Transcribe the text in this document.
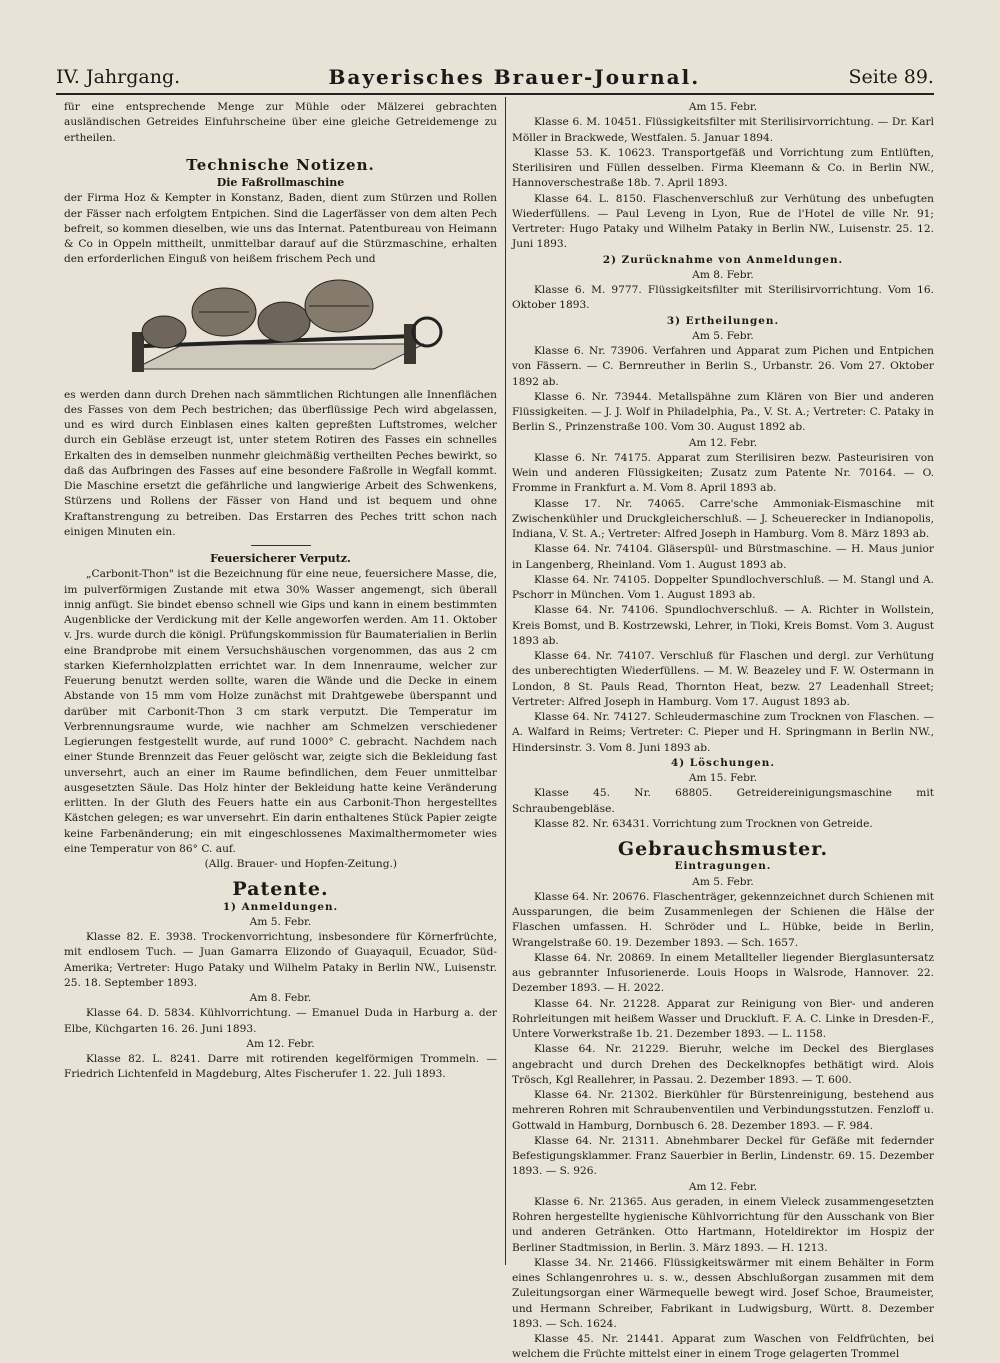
IV. Jahrgang.	Bayerisches Brauer-Journal.	Seite 89.

für eine entsprechende Menge zur Mühle oder Mälzerei gebrachten ausländischen Getreides Einfuhrscheine über eine gleiche Getreidemenge zu ertheilen.

Technische Notizen.
Die Faßrollmaschine

der Firma Hoz & Kempter in Konstanz, Baden, dient zum Stürzen und Rollen der Fässer nach erfolgtem Entpichen. Sind die Lagerfässer von dem alten Pech befreit, so kommen dieselben, wie uns das Internat. Patentbureau von Heimann & Co in Oppeln mittheilt, unmittelbar darauf auf die Stürzmaschine, erhalten den erforderlichen Einguß von heißem frischem Pech und

es werden dann durch Drehen nach sämmtlichen Richtungen alle Innenflächen des Fasses von dem Pech bestrichen; das überflüssige Pech wird abgelassen, und es wird durch Einblasen eines kalten gepreßten Luftstromes, welcher durch ein Gebläse erzeugt ist, unter stetem Rotiren des Fasses ein schnelles Erkalten des in demselben nunmehr gleichmäßig vertheilten Peches bewirkt, so daß das Aufbringen des Fasses auf eine besondere Faßrolle in Wegfall kommt. Die Maschine ersetzt die gefährliche und langwierige Arbeit des Schwenkens, Stürzens und Rollens der Fässer von Hand und ist bequem und ohne Kraftanstrengung zu betreiben. Das Erstarren des Peches tritt schon nach einigen Minuten ein.

Feuersicherer Verputz.

„Carbonit-Thon" ist die Bezeichnung für eine neue, feuersichere Masse, die, im pulverförmigen Zustande mit etwa 30% Wasser angemengt, sich überall innig anfügt. Sie bindet ebenso schnell wie Gips und kann in einem bestimmten Augenblicke der Verdickung mit der Kelle angeworfen werden. Am 11. Oktober v. Jrs. wurde durch die königl. Prüfungskommission für Baumaterialien in Berlin eine Brandprobe mit einem Versuchshäuschen vorgenommen, das aus 2 cm starken Kiefernholzplatten errichtet war. In dem Innenraume, welcher zur Feuerung benutzt werden sollte, waren die Wände und die Decke in einem Abstande von 15 mm vom Holze zunächst mit Drahtgewebe überspannt und darüber mit Carbonit-Thon 3 cm stark verputzt. Die Temperatur im Verbrennungsraume wurde, wie nachher am Schmelzen verschiedener Legierungen festgestellt wurde, auf rund 1000° C. gebracht. Nachdem nach einer Stunde Brennzeit das Feuer gelöscht war, zeigte sich die Bekleidung fast unversehrt, auch an einer im Raume befindlichen, dem Feuer unmittelbar ausgesetzten Säule. Das Holz hinter der Bekleidung hatte keine Veränderung erlitten. In der Gluth des Feuers hatte ein aus Carbonit-Thon hergestelltes Kästchen gelegen; es war unversehrt. Ein darin enthaltenes Stück Papier zeigte keine Farbenänderung; ein mit eingeschlossenes Maximalthermometer wies eine Temperatur von 86° C. auf.

(Allg. Brauer- und Hopfen-Zeitung.)

Patente.
1) Anmeldungen.
Am 5. Febr.

Klasse 82. E. 3938. Trockenvorrichtung, insbesondere für Körnerfrüchte, mit endlosem Tuch. — Juan Gamarra Elizondo of Guayaquil, Ecuador, Süd-Amerika; Vertreter: Hugo Pataky und Wilhelm Pataky in Berlin NW., Luisenstr. 25. 18. September 1893.

Am 8. Febr.

Klasse 64. D. 5834. Kühlvorrichtung. — Emanuel Duda in Harburg a. der Elbe, Küchgarten 16. 26. Juni 1893.

Am 12. Febr.

Klasse 82. L. 8241. Darre mit rotirenden kegelförmigen Trommeln. — Friedrich Lichtenfeld in Magdeburg, Altes Fischerufer 1. 22. Juli 1893.

Am 15. Febr.

Klasse 6. M. 10451. Flüssigkeitsfilter mit Sterilisirvorrichtung. — Dr. Karl Möller in Brackwede, Westfalen. 5. Januar 1894.

Klasse 53. K. 10623. Transportgefäß und Vorrichtung zum Entlüften, Sterilisiren und Füllen desselben. Firma Kleemann & Co. in Berlin NW., Hannoverschestraße 18b. 7. April 1893.

Klasse 64. L. 8150. Flaschenverschluß zur Verhütung des unbefugten Wiederfüllens. — Paul Leveng in Lyon, Rue de l'Hotel de ville Nr. 91; Vertreter: Hugo Pataky und Wilhelm Pataky in Berlin NW., Luisenstr. 25. 12. Juni 1893.

2) Zurücknahme von Anmeldungen.
Am 8. Febr.

Klasse 6. M. 9777. Flüssigkeitsfilter mit Sterilisirvorrichtung. Vom 16. Oktober 1893.

3) Ertheilungen.
Am 5. Febr.

Klasse 6. Nr. 73906. Verfahren und Apparat zum Pichen und Entpichen von Fässern. — C. Bernreuther in Berlin S., Urbanstr. 26. Vom 27. Oktober 1892 ab.

Klasse 6. Nr. 73944. Metallspähne zum Klären von Bier und anderen Flüssigkeiten. — J. J. Wolf in Philadelphia, Pa., V. St. A.; Vertreter: C. Pataky in Berlin S., Prinzenstraße 100. Vom 30. August 1892 ab.

Am 12. Febr.

Klasse 6. Nr. 74175. Apparat zum Sterilisiren bezw. Pasteurisiren von Wein und anderen Flüssigkeiten; Zusatz zum Patente Nr. 70164. — O. Fromme in Frankfurt a. M. Vom 8. April 1893 ab.

Klasse 17. Nr. 74065. Carre'sche Ammoniak-Eismaschine mit Zwischenkühler und Druckgleicherschluß. — J. Scheuerecker in Indianopolis, Indiana, V. St. A.; Vertreter: Alfred Joseph in Hamburg. Vom 8. März 1893 ab.

Klasse 64. Nr. 74104. Gläserspül- und Bürstmaschine. — H. Maus junior in Langenberg, Rheinland. Vom 1. August 1893 ab.

Klasse 64. Nr. 74105. Doppelter Spundlochverschluß. — M. Stangl und A. Pschorr in München. Vom 1. August 1893 ab.

Klasse 64. Nr. 74106. Spundlochverschluß. — A. Richter in Wollstein, Kreis Bomst, und B. Kostrzewski, Lehrer, in Tloki, Kreis Bomst. Vom 3. August 1893 ab.

Klasse 64. Nr. 74107. Verschluß für Flaschen und dergl. zur Verhütung des unberechtigten Wiederfüllens. — M. W. Beazeley und F. W. Ostermann in London, 8 St. Pauls Read, Thornton Heat, bezw. 27 Leadenhall Street; Vertreter: Alfred Joseph in Hamburg. Vom 17. August 1893 ab.

Klasse 64. Nr. 74127. Schleudermaschine zum Trocknen von Flaschen. — A. Walfard in Reims; Vertreter: C. Pieper und H. Springmann in Berlin NW., Hindersinstr. 3. Vom 8. Juni 1893 ab.

4) Löschungen.
Am 15. Febr.

Klasse 45. Nr. 68805. Getreidereinigungsmaschine mit Schraubengebläse.

Klasse 82. Nr. 63431. Vorrichtung zum Trocknen von Getreide.

Gebrauchsmuster.
Eintragungen.
Am 5. Febr.

Klasse 64. Nr. 20676. Flaschenträger, gekennzeichnet durch Schienen mit Aussparungen, die beim Zusammenlegen der Schienen die Hälse der Flaschen umfassen. H. Schröder und L. Hübke, beide in Berlin, Wrangelstraße 60. 19. Dezember 1893. — Sch. 1657.

Klasse 64. Nr. 20869. In einem Metallteller liegender Bierglasuntersatz aus gebrannter Infusorienerde. Louis Hoops in Walsrode, Hannover. 22. Dezember 1893. — H. 2022.

Klasse 64. Nr. 21228. Apparat zur Reinigung von Bier- und anderen Rohrleitungen mit heißem Wasser und Druckluft. F. A. C. Linke in Dresden-F., Untere Vorwerkstraße 1b. 21. Dezember 1893. — L. 1158.

Klasse 64. Nr. 21229. Bieruhr, welche im Deckel des Bierglases angebracht und durch Drehen des Deckelknopfes bethätigt wird. Alois Trösch, Kgl Reallehrer, in Passau. 2. Dezember 1893. — T. 600.

Klasse 64. Nr. 21302. Bierkühler für Bürstenreinigung, bestehend aus mehreren Rohren mit Schraubenventilen und Verbindungsstutzen. Fenzloff u. Gottwald in Hamburg, Dornbusch 6. 28. Dezember 1893. — F. 984.

Klasse 64. Nr. 21311. Abnehmbarer Deckel für Gefäße mit federnder Befestigungsklammer. Franz Sauerbier in Berlin, Lindenstr. 69. 15. Dezember 1893. — S. 926.

Am 12. Febr.

Klasse 6. Nr. 21365. Aus geraden, in einem Vieleck zusammengesetzten Rohren hergestellte hygienische Kühlvorrichtung für den Ausschank von Bier und anderen Getränken. Otto Hartmann, Hoteldirektor im Hospiz der Berliner Stadtmission, in Berlin. 3. März 1893. — H. 1213.

Klasse 34. Nr. 21466. Flüssigkeitswärmer mit einem Behälter in Form eines Schlangenrohres u. s. w., dessen Abschlußorgan zusammen mit dem Zuleitungsorgan einer Wärmequelle bewegt wird. Josef Schoe, Braumeister, und Hermann Schreiber, Fabrikant in Ludwigsburg, Württ. 8. Dezember 1893. — Sch. 1624.

Klasse 45. Nr. 21441. Apparat zum Waschen von Feldfrüchten, bei welchem die Früchte mittelst einer in einem Troge gelagerten Trommel
